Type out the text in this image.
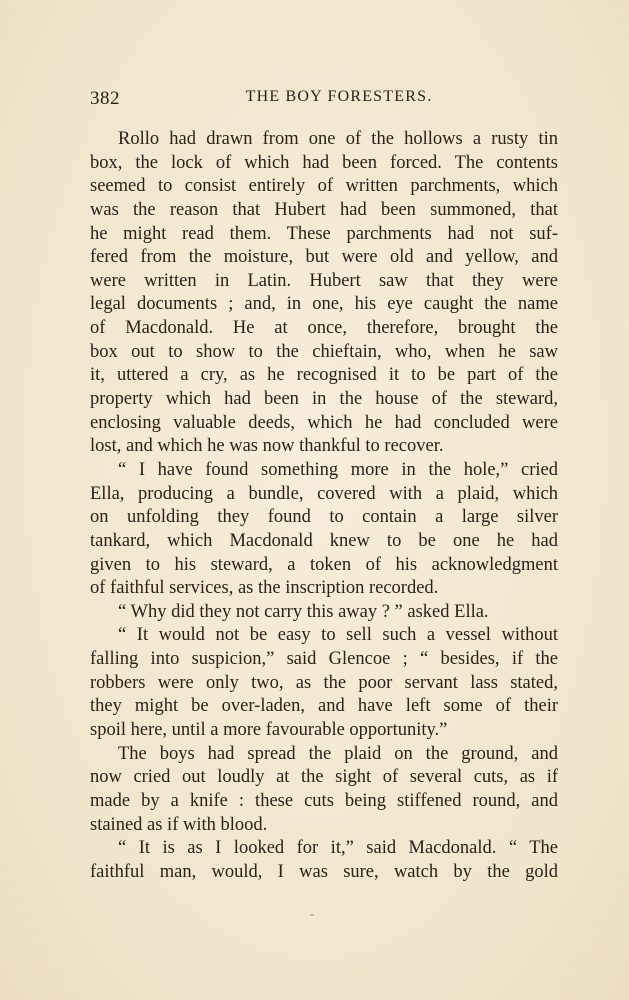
382	THE BOY FORESTERS.
Rollo had drawn from one of the hollows a rusty tin
box, the lock of which had been forced. The contents
seemed to consist entirely of written parchments, which
was the reason that Hubert had been summoned, that
he might read them. These parchments had not suf-
fered from the moisture, but were old and yellow, and
were written in Latin. Hubert saw that they were
legal documents ; and, in one, his eye caught the name
of Macdonald. He at once, therefore, brought the
box out to show to the chieftain, who, when he saw
it, uttered a cry, as he recognised it to be part of the
property which had been in the house of the steward,
enclosing valuable deeds, which he had concluded were
lost, and which he was now thankful to recover.
“ I have found something more in the hole,” cried
Ella, producing a bundle, covered with a plaid, which
on unfolding they found to contain a large silver
tankard, which Macdonald knew to be one he had
given to his steward, a token of his acknowledgment
of faithful services, as the inscription recorded.
“ Why did they not carry this away ? ” asked Ella.
“ It would not be easy to sell such a vessel without
falling into suspicion,” said Glencoe ; “ besides, if the
robbers were only two, as the poor servant lass stated,
they might be over-laden, and have left some of their
spoil here, until a more favourable opportunity.”
The boys had spread the plaid on the ground, and
now cried out loudly at the sight of several cuts, as if
made by a knife : these cuts being stiffened round, and
stained as if with blood.
“ It is as I looked for it,” said Macdonald. “ The
faithful man, would, I was sure, watch by the gold
